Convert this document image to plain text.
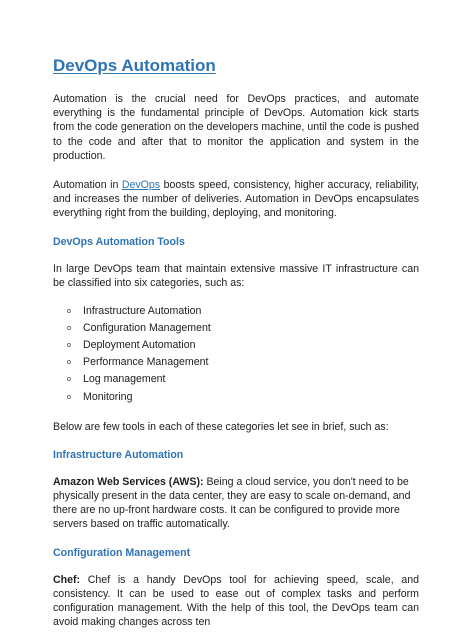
DevOps Automation

Automation is the crucial need for DevOps practices, and automate everything is the fundamental principle of DevOps. Automation kick starts from the code generation on the developers machine, until the code is pushed to the code and after that to monitor the application and system in the production.

Automation in DevOps boosts speed, consistency, higher accuracy, reliability, and increases the number of deliveries. Automation in DevOps encapsulates everything right from the building, deploying, and monitoring.

DevOps Automation Tools

In large DevOps team that maintain extensive massive IT infrastructure can be classified into six categories, such as:

o Infrastructure Automation
o Configuration Management
o Deployment Automation
o Performance Management
o Log management
o Monitoring

Below are few tools in each of these categories let see in brief, such as:

Infrastructure Automation

Amazon Web Services (AWS): Being a cloud service, you don't need to be physically present in the data center, they are easy to scale on-demand, and there are no up-front hardware costs. It can be configured to provide more servers based on traffic automatically.

Configuration Management

Chef: Chef is a handy DevOps tool for achieving speed, scale, and consistency. It can be used to ease out of complex tasks and perform configuration management. With the help of this tool, the DevOps team can avoid making changes across ten
